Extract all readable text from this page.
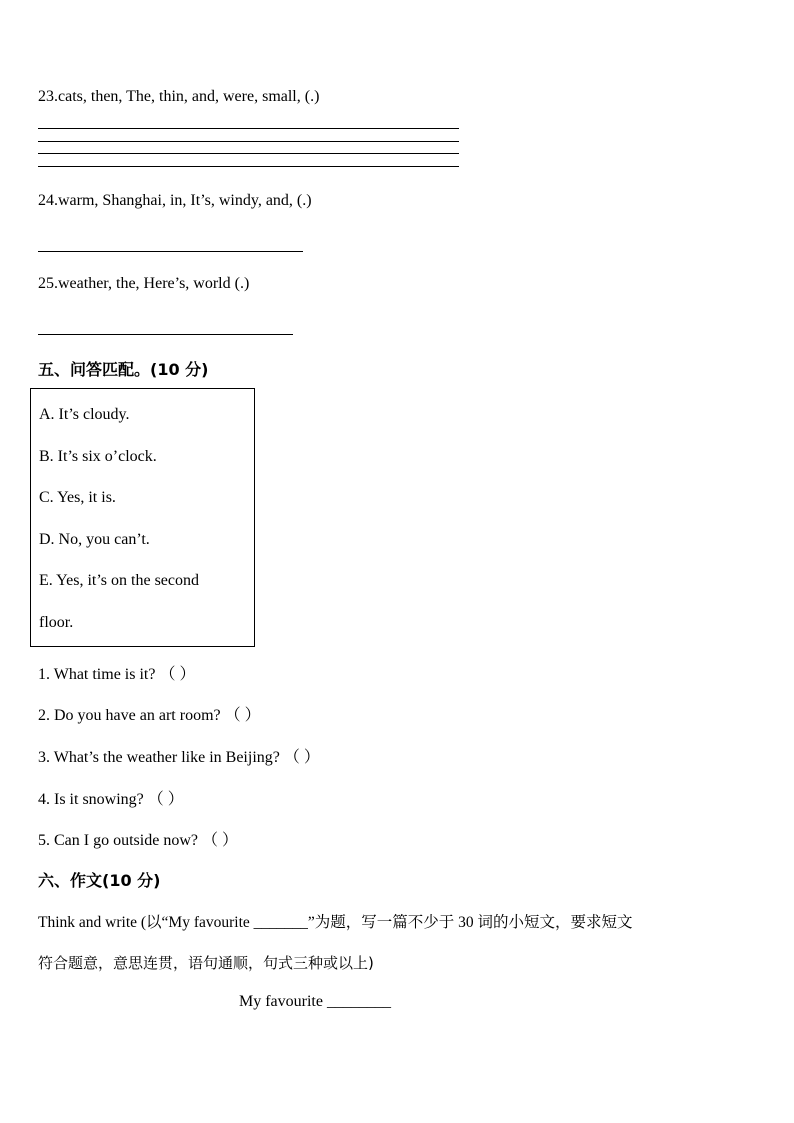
23.cats, then, The, thin, and, were, small, (.)
24.warm, Shanghai, in, It’s, windy, and, (.)
25.weather, the, Here’s, world (.)
五、问答匹配。(10 分)
A. It’s cloudy.
B. It’s six o’clock.
C. Yes, it is.
D. No, you can’t.
E. Yes, it’s on the second
floor.
1. What time is it? （ ）
2. Do you have an art room? （ ）
3. What’s the weather like in Beijing? （ ）
4. Is it snowing? （ ）
5. Can I go outside now? （ ）
六、作文(10 分)
Think and write (以“My favourite _______”为题，写一篇不少于 30 词的小短文，要求短文
符合题意，意思连贯，语句通顺，句式三种或以上)
My favourite ________
